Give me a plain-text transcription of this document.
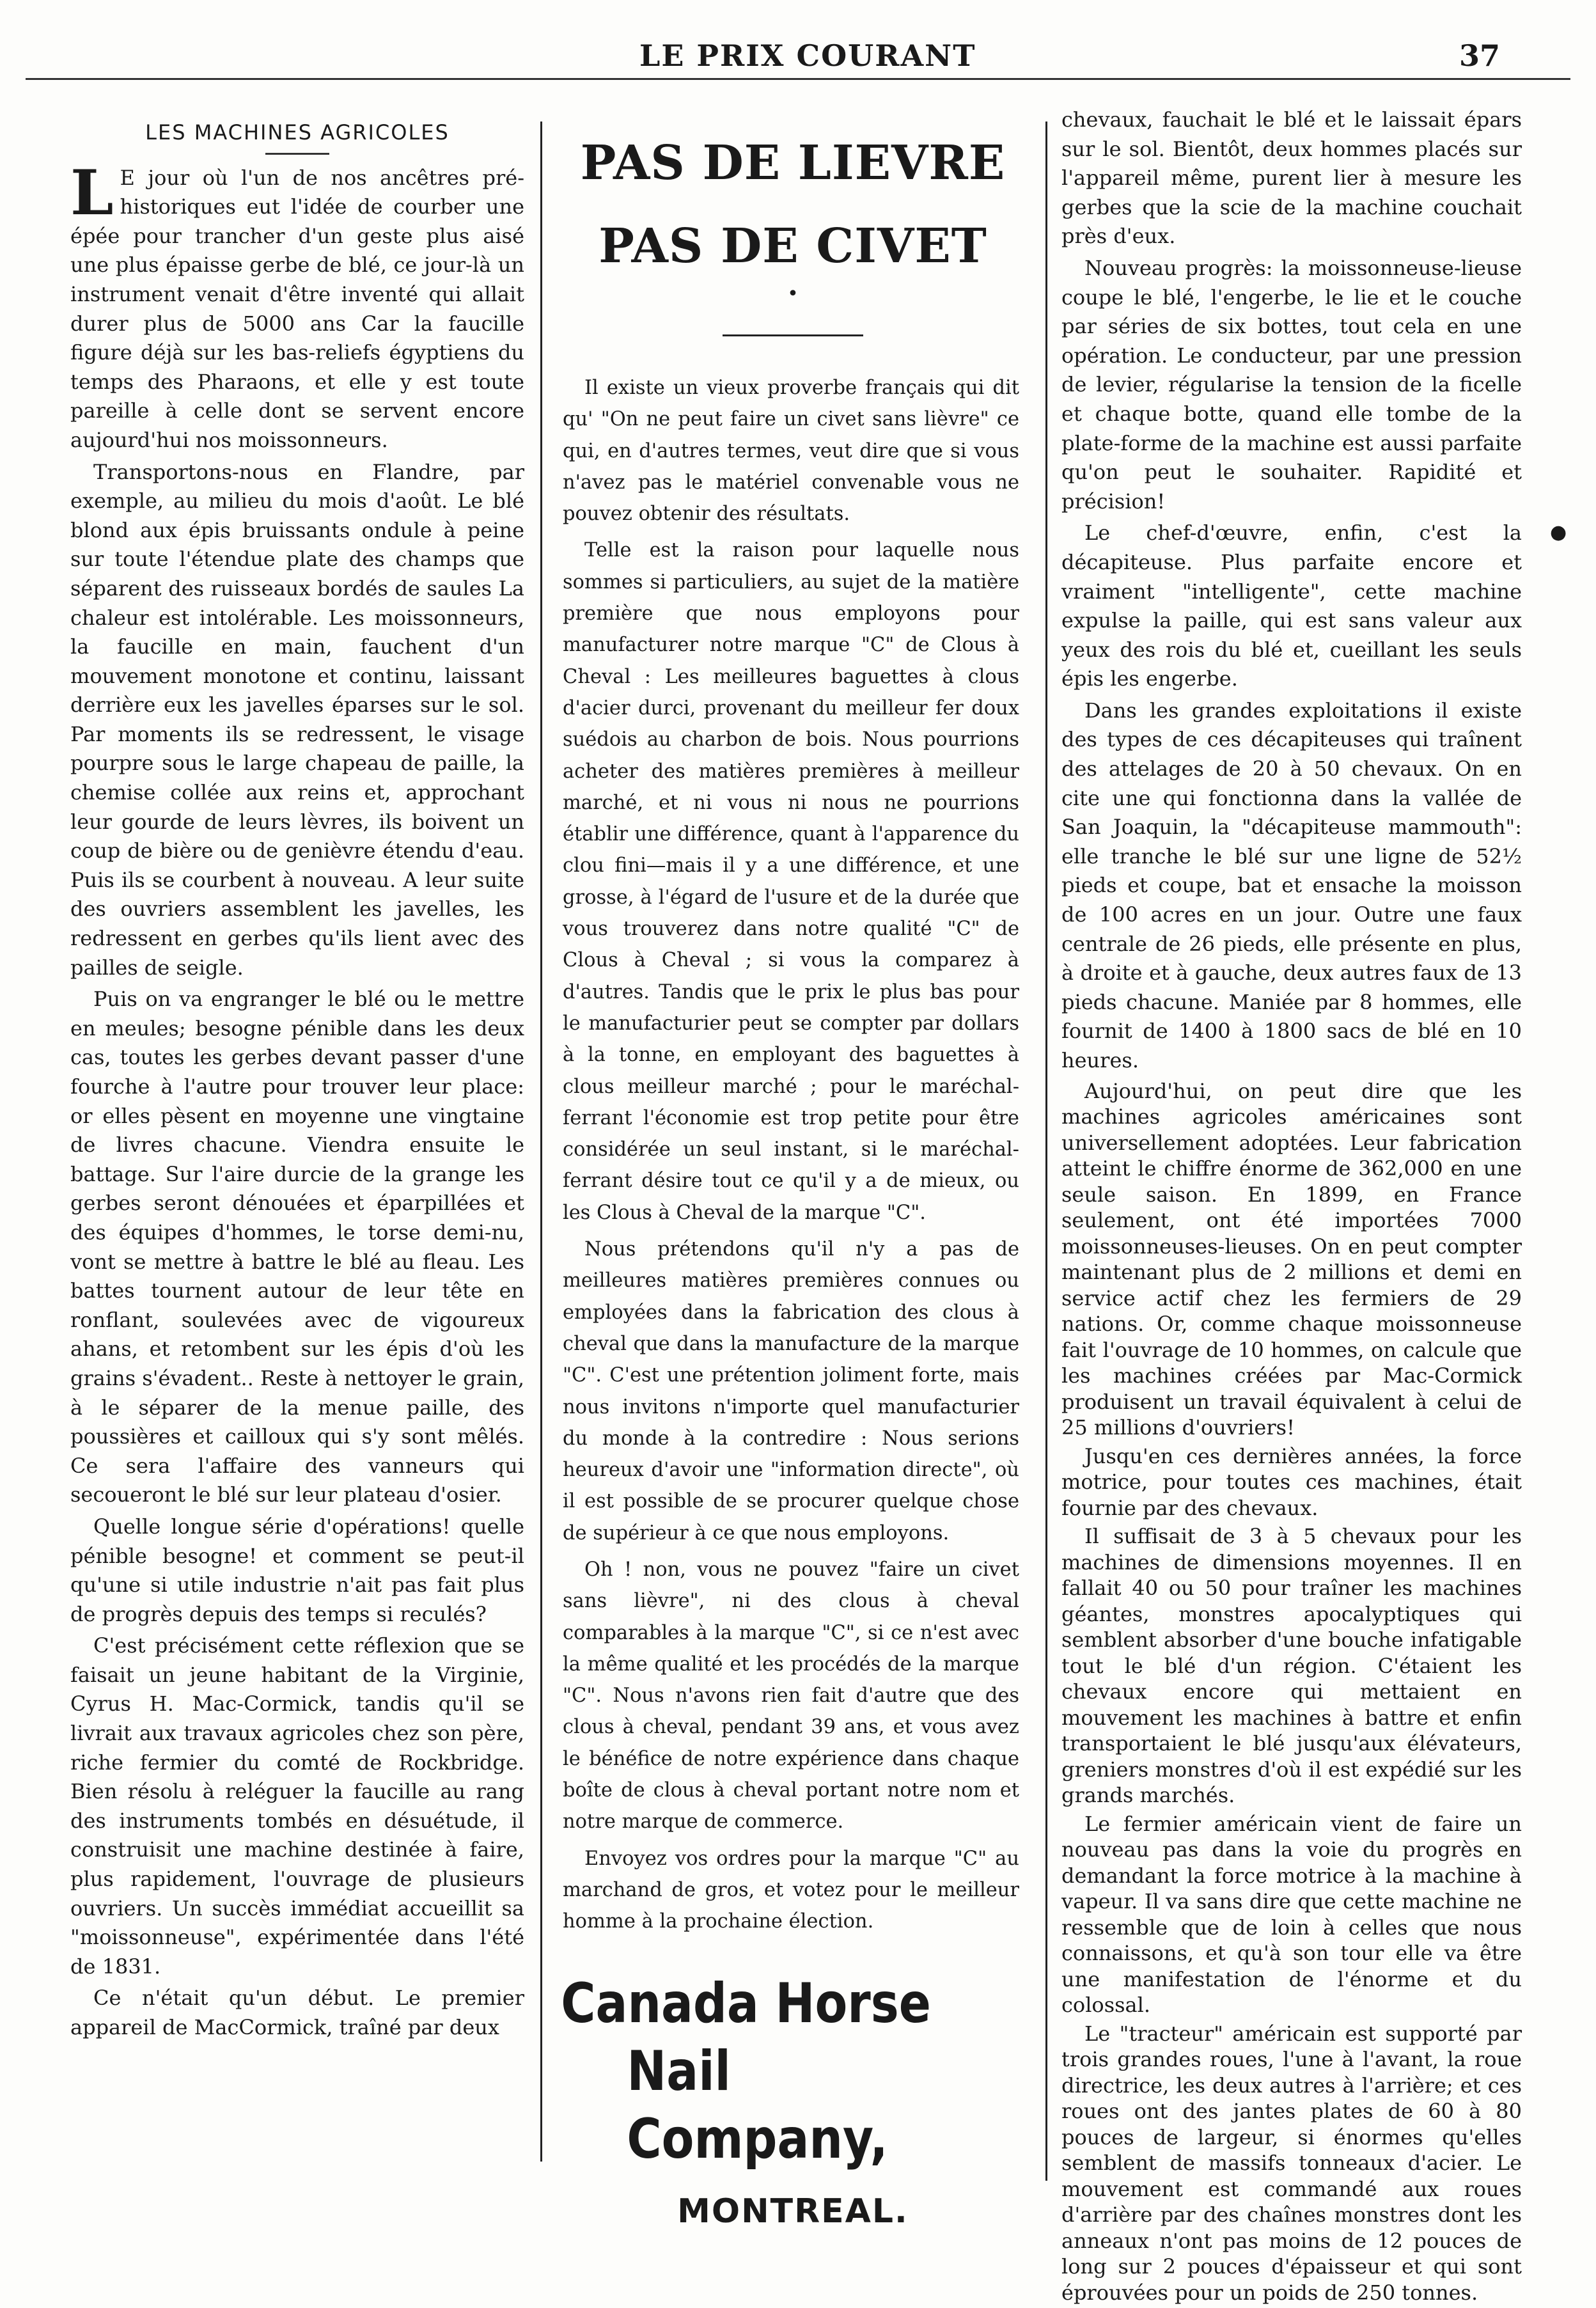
LE PRIX COURANT	37
LES MACHINES AGRICOLES

L E jour où l'un de nos ancêtres pré- historiques eut l'idée de courber une épée pour trancher d'un geste plus aisé une plus épaisse gerbe de blé, ce jour-là un instrument venait d'être inventé qui allait durer plus de 5000 ans Car la faucille figure déjà sur les bas-reliefs égyptiens du temps des Pharaons, et elle y est toute pareille à celle dont se servent encore aujourd'hui nos moissonneurs.

Transportons-nous en Flandre, par exemple, au milieu du mois d'août. Le blé blond aux épis bruissants ondule à peine sur toute l'étendue plate des champs que séparent des ruisseaux bordés de saules La chaleur est intolérable. Les moissonneurs, la faucille en main, fauchent d'un mouvement monotone et continu, laissant derrière eux les javelles éparses sur le sol. Par moments ils se redressent, le visage pourpre sous le large chapeau de paille, la chemise collée aux reins et, approchant leur gourde de leurs lèvres, ils boivent un coup de bière ou de genièvre étendu d'eau. Puis ils se courbent à nouveau. A leur suite des ouvriers assemblent les javelles, les redressent en gerbes qu'ils lient avec des pailles de seigle.

Puis on va engranger le blé ou le mettre en meules; besogne pénible dans les deux cas, toutes les gerbes devant passer d'une fourche à l'autre pour trouver leur place: or elles pèsent en moyenne une vingtaine de livres chacune. Viendra ensuite le battage. Sur l'aire durcie de la grange les gerbes seront dénouées et éparpillées et des équipes d'hommes, le torse demi-nu, vont se mettre à battre le blé au fleau. Les battes tournent autour de leur tête en ronflant, soulevées avec de vigoureux ahans, et retombent sur les épis d'où les grains s'évadent.. Reste à nettoyer le grain, à le séparer de la menue paille, des poussières et cailloux qui s'y sont mêlés. Ce sera l'affaire des vanneurs qui secoueront le blé sur leur plateau d'osier.

Quelle longue série d'opérations! quelle pénible besogne! et comment se peut-il qu'une si utile industrie n'ait pas fait plus de progrès depuis des temps si reculés?

C'est précisément cette réflexion que se faisait un jeune habitant de la Virginie, Cyrus H. Mac-Cormick, tandis qu'il se livrait aux travaux agricoles chez son père, riche fermier du comté de Rockbridge. Bien résolu à reléguer la faucille au rang des instruments tombés en désuétude, il construisit une machine destinée à faire, plus rapidement, l'ouvrage de plusieurs ouvriers. Un succès immédiat accueillit sa "moissonneuse", expérimentée dans l'été de 1831.

Ce n'était qu'un début. Le premier appareil de MacCormick, traîné par deux

PAS DE LIEVRE
PAS DE CIVET
•

Il existe un vieux proverbe français qui dit qu' "On ne peut faire un civet sans lièvre" ce qui, en d'autres termes, veut dire que si vous n'avez pas le matériel convenable vous ne pouvez obtenir des résultats.

Telle est la raison pour laquelle nous sommes si particuliers, au sujet de la matière première que nous employons pour manufacturer notre marque "C" de Clous à Cheval : Les meilleures baguettes à clous d'acier durci, provenant du meilleur fer doux suédois au charbon de bois. Nous pourrions acheter des matières premières à meilleur marché, et ni vous ni nous ne pourrions établir une différence, quant à l'apparence du clou fini—mais il y a une différence, et une grosse, à l'égard de l'usure et de la durée que vous trouverez dans notre qualité "C" de Clous à Cheval ; si vous la comparez à d'autres. Tandis que le prix le plus bas pour le manufacturier peut se compter par dollars à la tonne, en employant des baguettes à clous meilleur marché ; pour le maréchal-ferrant l'économie est trop petite pour être considérée un seul instant, si le maréchal-ferrant désire tout ce qu'il y a de mieux, ou les Clous à Cheval de la marque "C".

Nous prétendons qu'il n'y a pas de meilleures matières premières connues ou employées dans la fabrication des clous à cheval que dans la manufacture de la marque "C". C'est une prétention joliment forte, mais nous invitons n'importe quel manufacturier du monde à la contredire : Nous serions heureux d'avoir une "information directe", où il est possible de se procurer quelque chose de supérieur à ce que nous employons.

Oh ! non, vous ne pouvez "faire un civet sans lièvre", ni des clous à cheval comparables à la marque "C", si ce n'est avec la même qualité et les procédés de la marque "C". Nous n'avons rien fait d'autre que des clous à cheval, pendant 39 ans, et vous avez le bénéfice de notre expérience dans chaque boîte de clous à cheval portant notre nom et notre marque de commerce.

Envoyez vos ordres pour la marque "C" au marchand de gros, et votez pour le meilleur homme à la prochaine élection.

Canada Horse
Nail Company,
MONTREAL.

chevaux, fauchait le blé et le laissait épars sur le sol. Bientôt, deux hommes placés sur l'appareil même, purent lier à mesure les gerbes que la scie de la machine couchait près d'eux.

Nouveau progrès: la moissonneuse-lieuse coupe le blé, l'engerbe, le lie et le couche par séries de six bottes, tout cela en une opération. Le conducteur, par une pression de levier, régularise la tension de la ficelle et chaque botte, quand elle tombe de la plate-forme de la machine est aussi parfaite qu'on peut le souhaiter. Rapidité et précision!

Le chef-d'œuvre, enfin, c'est la décapiteuse. Plus parfaite encore et vraiment "intelligente", cette machine expulse la paille, qui est sans valeur aux yeux des rois du blé et, cueillant les seuls épis les engerbe.

Dans les grandes exploitations il existe des types de ces décapiteuses qui traînent des attelages de 20 à 50 chevaux. On en cite une qui fonctionna dans la vallée de San Joaquin, la "décapiteuse mammouth": elle tranche le blé sur une ligne de 52½ pieds et coupe, bat et ensache la moisson de 100 acres en un jour. Outre une faux centrale de 26 pieds, elle présente en plus, à droite et à gauche, deux autres faux de 13 pieds chacune. Maniée par 8 hommes, elle fournit de 1400 à 1800 sacs de blé en 10 heures.

Aujourd'hui, on peut dire que les machines agricoles américaines sont universellement adoptées. Leur fabrication atteint le chiffre énorme de 362,000 en une seule saison. En 1899, en France seulement, ont été importées 7000 moissonneuses-lieuses. On en peut compter maintenant plus de 2 millions et demi en service actif chez les fermiers de 29 nations. Or, comme chaque moissonneuse fait l'ouvrage de 10 hommes, on calcule que les machines créées par Mac-Cormick produisent un travail équivalent à celui de 25 millions d'ouvriers!

Jusqu'en ces dernières années, la force motrice, pour toutes ces machines, était fournie par des chevaux.

Il suffisait de 3 à 5 chevaux pour les machines de dimensions moyennes. Il en fallait 40 ou 50 pour traîner les machines géantes, monstres apocalyptiques qui semblent absorber d'une bouche infatigable tout le blé d'un région. C'étaient les chevaux encore qui mettaient en mouvement les machines à battre et enfin transportaient le blé jusqu'aux élévateurs, greniers monstres d'où il est expédié sur les grands marchés.

Le fermier américain vient de faire un nouveau pas dans la voie du progrès en demandant la force motrice à la machine à vapeur. Il va sans dire que cette machine ne ressemble que de loin à celles que nous connaissons, et qu'à son tour elle va être une manifestation de l'énorme et du colossal.

Le "tracteur" américain est supporté par trois grandes roues, l'une à l'avant, la roue directrice, les deux autres à l'arrière; et ces roues ont des jantes plates de 60 à 80 pouces de largeur, si énormes qu'elles semblent de massifs tonneaux d'acier. Le mouvement est commandé aux roues d'arrière par des chaînes monstres dont les anneaux n'ont pas moins de 12 pouces de long sur 2 pouces d'épaisseur et qui sont éprouvées pour un poids de 250 tonnes.

●
